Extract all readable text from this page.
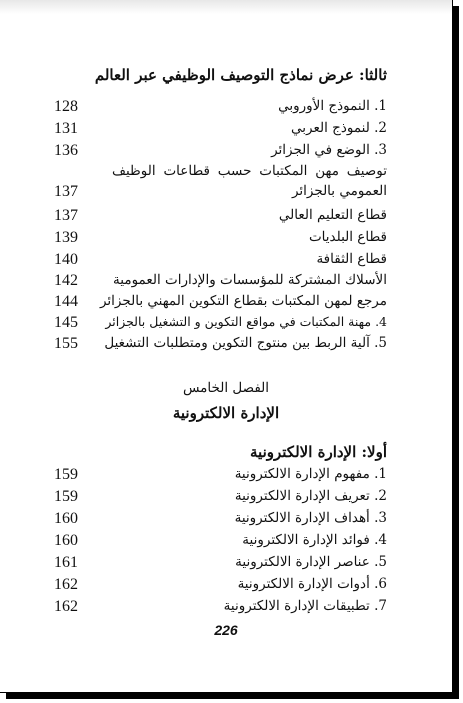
ثالثا: عرض نماذج التوصيف الوظيفي عبر العالم
128	1. النموذج الأوروبي
131	2. لنموذج العربي
136	3. الوضع في الجزائر
توصيف مهن المكتبات حسب قطاعات الوظيف
137	العمومي بالجزائر
137	قطاع التعليم العالي
139	قطاع البلديات
140	قطاع الثقافة
142	الأسلاك المشتركة للمؤسسات والإدارات العمومية
144 مرجع لمهن المكتبات بقطاع التكوين المهني بالجزائر
145 4. مهنة المكتبات في مواقع التكوين و التشغيل بالجزائر
155 5. آلية الربط بين منتوج التكوين ومتطلبات التشغيل
الفصل الخامس
الإدارة الالكترونية
أولا: الإدارة الالكترونية
159	1. مفهوم الإدارة الالكترونية
159	2. تعريف الإدارة الالكترونية
160	3. أهداف الإدارة الالكترونية
160	4. فوائد الإدارة الالكترونية
161	5. عناصر الإدارة الالكترونية
162	6. أدوات الإدارة الالكترونية
162	7. تطبيقات الإدارة الالكترونية
226
